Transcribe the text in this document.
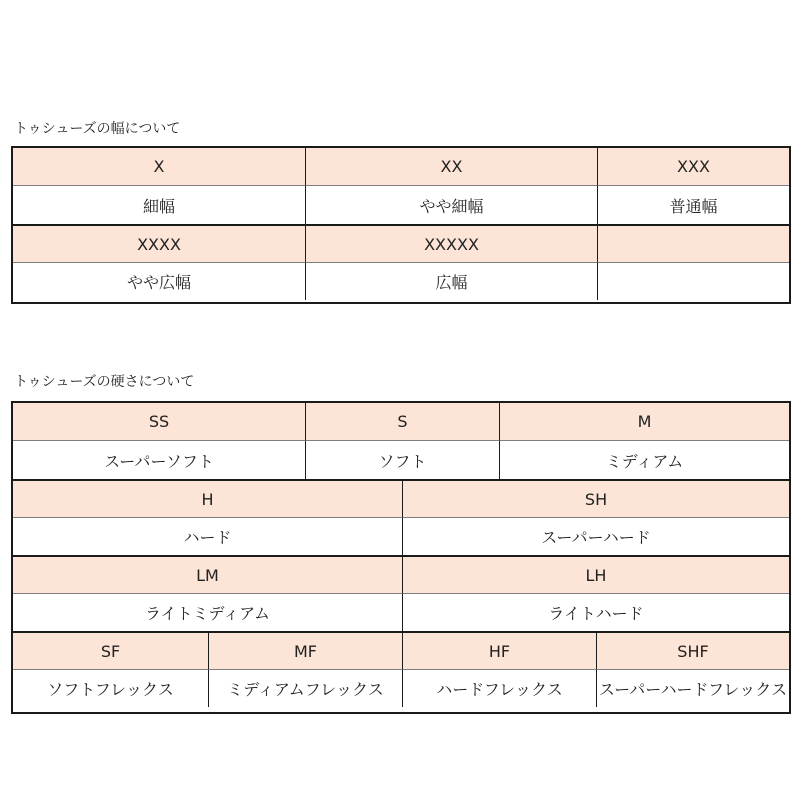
トゥシューズの幅について
X	XX	XXX
細幅	やや細幅	普通幅
XXXX	XXXXX
やや広幅	広幅
トゥシューズの硬さについて
SS	S	M
スーパーソフト	ソフト	ミディアム
H	SH
ハード	スーパーハード
LM	LH
ライトミディアム	ライトハード
SF	MF	HF	SHF
ソフトフレックス	ミディアムフレックス	ハードフレックス	スーパーハードフレックス
